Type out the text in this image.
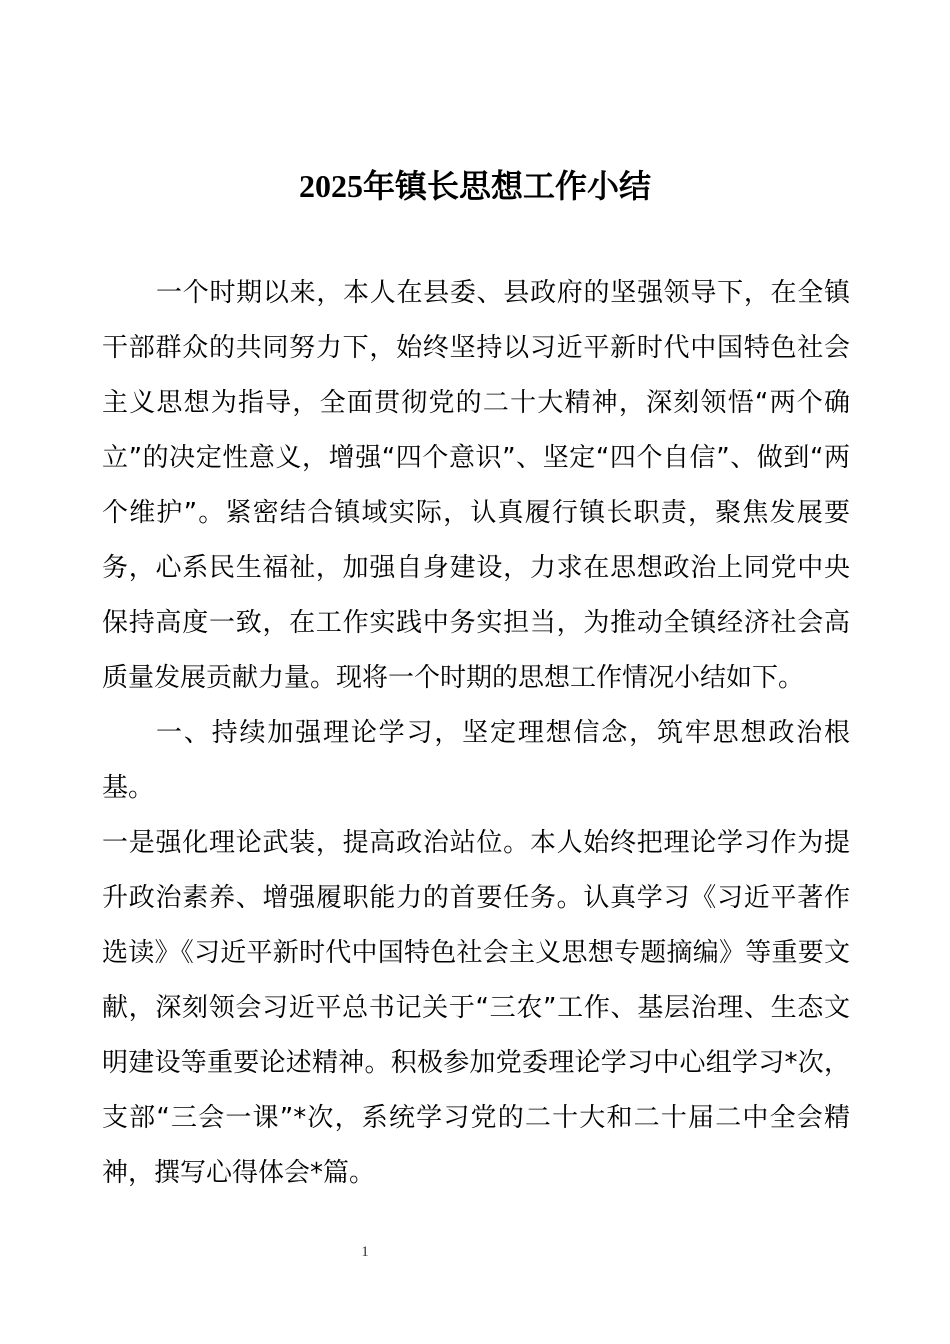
2025年镇长思想工作小结

一个时期以来，本人在县委、县政府的坚强领导下，在全镇干部群众的共同努力下，始终坚持以习近平新时代中国特色社会主义思想为指导，全面贯彻党的二十大精神，深刻领悟“两个确立”的决定性意义，增强“四个意识”、坚定“四个自信”、做到“两个维护”。紧密结合镇域实际，认真履行镇长职责，聚焦发展要务，心系民生福祉，加强自身建设，力求在思想政治上同党中央保持高度一致，在工作实践中务实担当，为推动全镇经济社会高质量发展贡献力量。现将一个时期的思想工作情况小结如下。

一、持续加强理论学习，坚定理想信念，筑牢思想政治根基。

一是强化理论武装，提高政治站位。本人始终把理论学习作为提升政治素养、增强履职能力的首要任务。认真学习《习近平著作选读》《习近平新时代中国特色社会主义思想专题摘编》等重要文献，深刻领会习近平总书记关于“三农”工作、基层治理、生态文明建设等重要论述精神。积极参加党委理论学习中心组学习*次，支部“三会一课”*次，系统学习党的二十大和二十届二中全会精神，撰写心得体会*篇。

1
